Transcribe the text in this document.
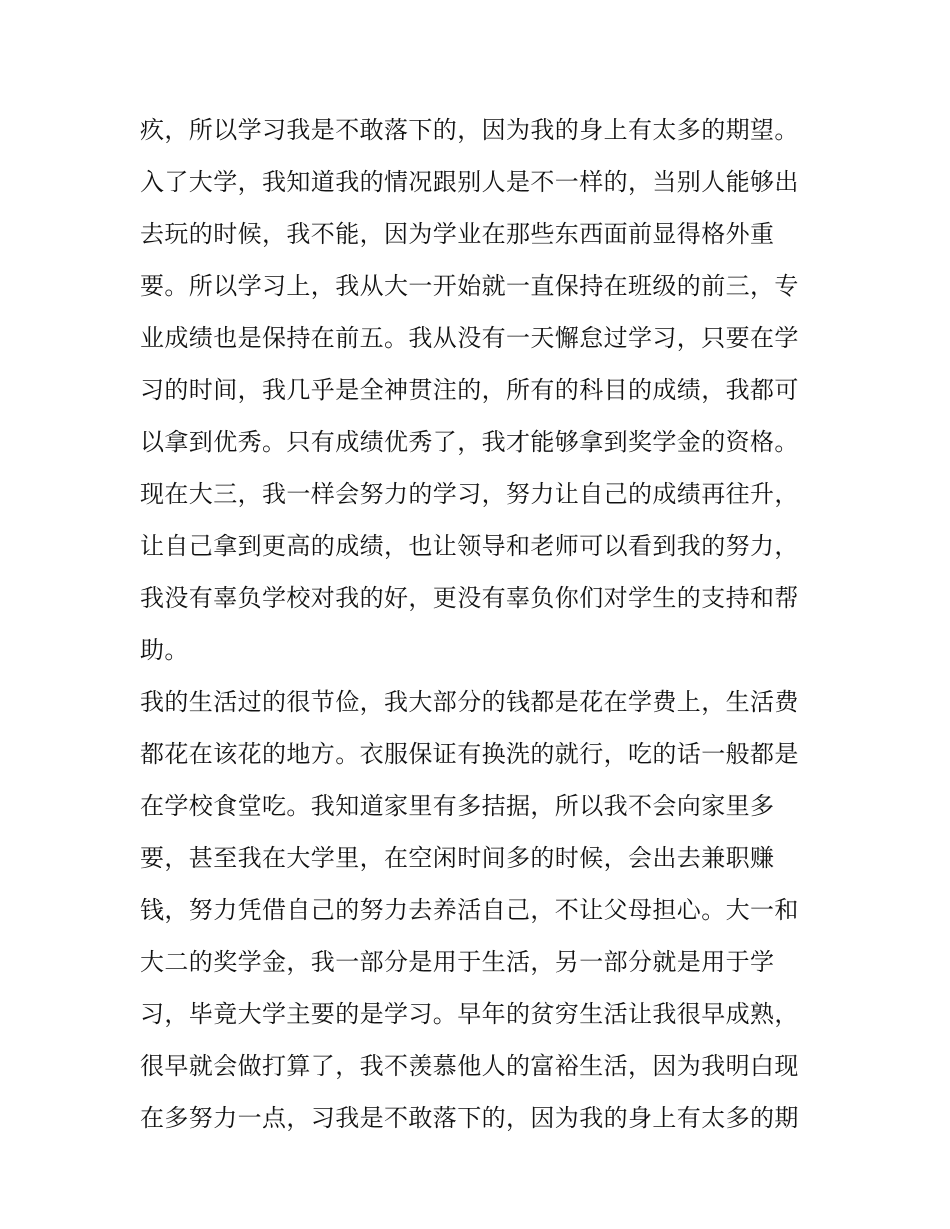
疚，所以学习我是不敢落下的，因为我的身上有太多的期望。
入了大学，我知道我的情况跟别人是不一样的，当别人能够出
去玩的时候，我不能，因为学业在那些东西面前显得格外重
要。所以学习上，我从大一开始就一直保持在班级的前三，专
业成绩也是保持在前五。我从没有一天懈怠过学习，只要在学
习的时间，我几乎是全神贯注的，所有的科目的成绩，我都可
以拿到优秀。只有成绩优秀了，我才能够拿到奖学金的资格。
现在大三，我一样会努力的学习，努力让自己的成绩再往升，
让自己拿到更高的成绩，也让领导和老师可以看到我的努力，
我没有辜负学校对我的好，更没有辜负你们对学生的支持和帮
助。
我的生活过的很节俭，我大部分的钱都是花在学费上，生活费
都花在该花的地方。衣服保证有换洗的就行，吃的话一般都是
在学校食堂吃。我知道家里有多拮据，所以我不会向家里多
要，甚至我在大学里，在空闲时间多的时候，会出去兼职赚
钱，努力凭借自己的努力去养活自己，不让父母担心。大一和
大二的奖学金，我一部分是用于生活，另一部分就是用于学
习，毕竟大学主要的是学习。早年的贫穷生活让我很早成熟，
很早就会做打算了，我不羡慕他人的富裕生活，因为我明白现
在多努力一点，习我是不敢落下的，因为我的身上有太多的期
